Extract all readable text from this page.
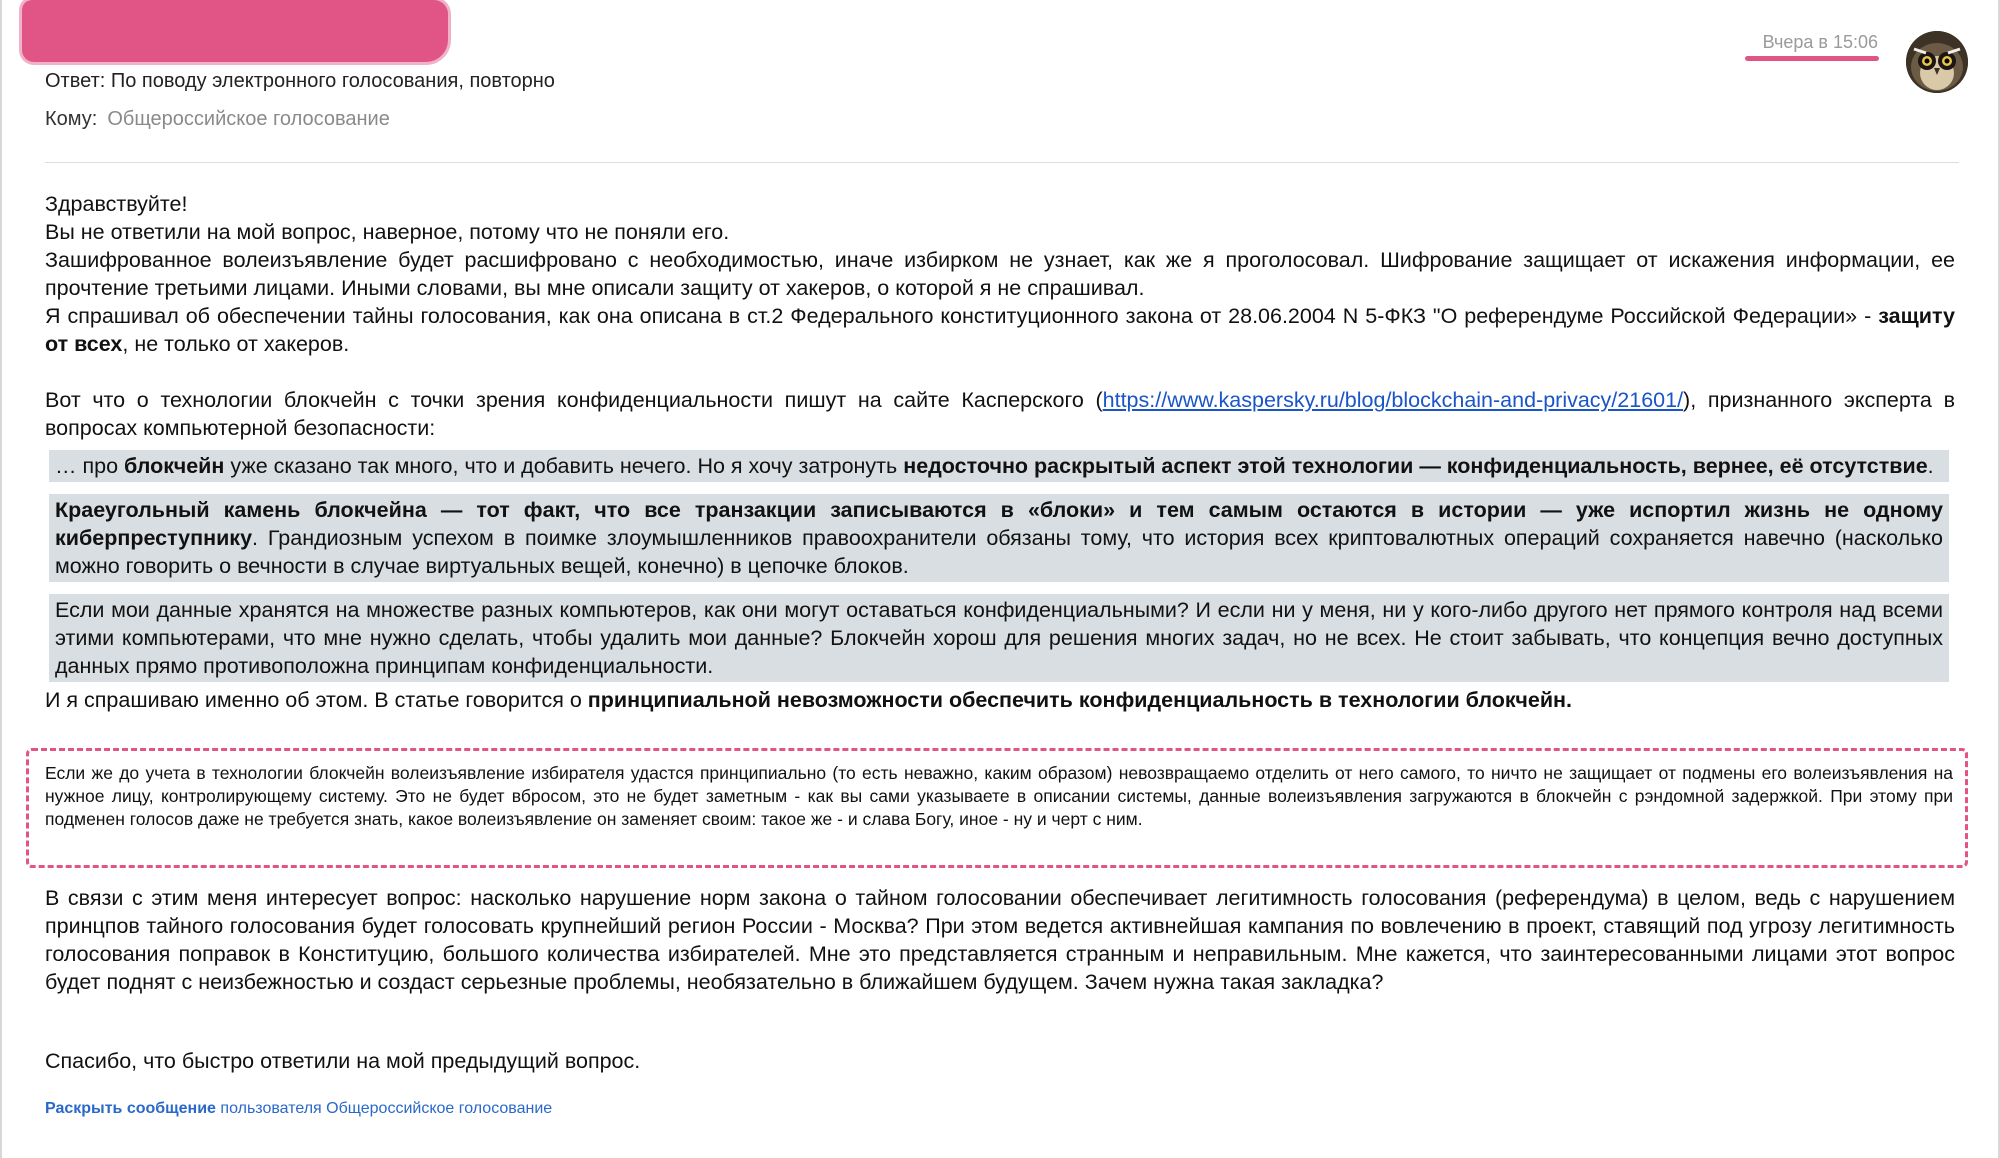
Ответ: По поводу электронного голосования, повторно
Кому: Общероссийское голосование
Вчера в 15:06

Здравствуйте!

Вы не ответили на мой вопрос, наверное, потому что не поняли его.

Зашифрованное волеизъявление будет расшифровано с необходимостью, иначе избирком не узнает, как же я проголосовал. Шифрование защищает от искажения информации, ее прочтение третьими лицами. Иными словами, вы мне описали защиту от хакеров, о которой я не спрашивал.

Я спрашивал об обеспечении тайны голосования, как она описана в ст.2 Федерального конституционного закона от 28.06.2004 N 5-ФКЗ "О референдуме Российской Федерации» - защиту от всех, не только от хакеров.

Вот что о технологии блокчейн с точки зрения конфиденциальности пишут на сайте Касперского (https://www.kaspersky.ru/blog/blockchain-and-privacy/21601/), признанного эксперта в вопросах компьютерной безопасности:

… про блокчейн уже сказано так много, что и добавить нечего. Но я хочу затронуть недосточно раскрытый аспект этой технологии — конфиденциальность, вернее, её отсутствие.
Краеугольный камень блокчейна — тот факт, что все транзакции записываются в «блоки» и тем самым остаются в истории — уже испортил жизнь не одному киберпреступнику. Грандиозным успехом в поимке злоумышленников правоохранители обязаны тому, что история всех криптовалютных операций сохраняется навечно (насколько можно говорить о вечности в случае виртуальных вещей, конечно) в цепочке блоков.
Если мои данные хранятся на множестве разных компьютеров, как они могут оставаться конфиденциальными? И если ни у меня, ни у кого-либо другого нет прямого контроля над всеми этими компьютерами, что мне нужно сделать, чтобы удалить мои данные? Блокчейн хорош для решения многих задач, но не всех. Не стоит забывать, что концепция вечно доступных данных прямо противоположна принципам конфиденциальности.

И я спрашиваю именно об этом. В статье говорится о принципиальной невозможности обеспечить конфиденциальность в технологии блокчейн.

Если же до учета в технологии блокчейн волеизъявление избирателя удастся принципиально (то есть неважно, каким образом) невозвращаемо отделить от него самого, то ничто не защищает от подмены его волеизъявления на нужное лицу, контролирующему систему. Это не будет вбросом, это не будет заметным - как вы сами указываете в описании системы, данные волеизъявления загружаются в блокчейн с рэндомной задержкой. При этому при подменен голосов даже не требуется знать, какое волеизъявление он заменяет своим: такое же - и слава Богу, иное - ну и черт с ним.
В связи с этим меня интересует вопрос: насколько нарушение норм закона о тайном голосовании обеспечивает легитимность голосования (референдума) в целом, ведь с нарушением принцпов тайного голосования будет голосовать крупнейший регион России - Москва? При этом ведется активнейшая кампания по вовлечению в проект, ставящий под угрозу легитимность голосования поправок в Конституцию, большого количества избирателей. Мне это представляется странным и неправильным. Мне кажется, что заинтересованными лицами этот вопрос будет поднят с неизбежностью и создаст серьезные проблемы, необязательно в ближайшем будущем. Зачем нужна такая закладка?
Спасибо, что быстро ответили на мой предыдущий вопрос.
Раскрыть сообщение пользователя Общероссийское голосование
